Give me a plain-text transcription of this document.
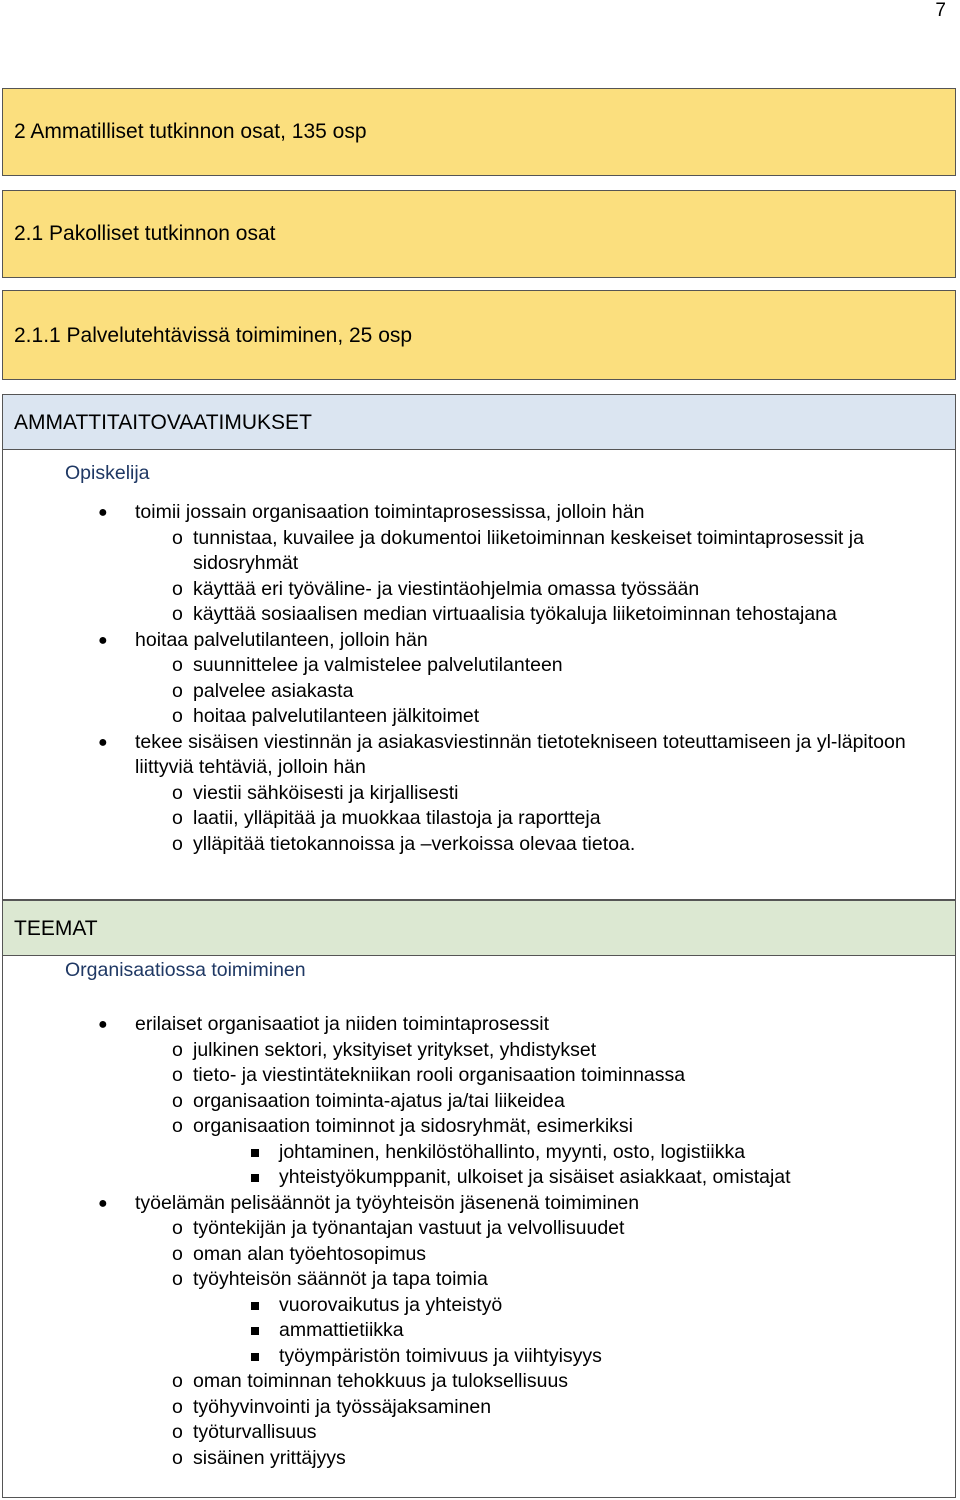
7
2 Ammatilliset tutkinnon osat, 135 osp
2.1 Pakolliset tutkinnon osat
2.1.1 Palvelutehtävissä toimiminen, 25 osp
AMMATTITAITOVAATIMUKSET
Opiskelija
● toimii jossain organisaation toimintaprosessissa, jolloin hän
o tunnistaa, kuvailee ja dokumentoi liiketoiminnan keskeiset toimintaprosessit ja sidosryhmät
o käyttää eri työväline- ja viestintäohjelmia omassa työssään
o käyttää sosiaalisen median virtuaalisia työkaluja liiketoiminnan tehostajana
● hoitaa palvelutilanteen, jolloin hän
o suunnittelee ja valmistelee palvelutilanteen
o palvelee asiakasta
o hoitaa palvelutilanteen jälkitoimet
● tekee sisäisen viestinnän ja asiakasviestinnän tietotekniseen toteuttamiseen ja yl-läpitoon liittyviä tehtäviä, jolloin hän
o viestii sähköisesti ja kirjallisesti
o laatii, ylläpitää ja muokkaa tilastoja ja raportteja
o ylläpitää tietokannoissa ja –verkoissa olevaa tietoa.
TEEMAT
Organisaatiossa toimiminen
● erilaiset organisaatiot ja niiden toimintaprosessit
o julkinen sektori, yksityiset yritykset, yhdistykset
o tieto- ja viestintätekniikan rooli organisaation toiminnassa
o organisaation toiminta-ajatus ja/tai liikeidea
o organisaation toiminnot ja sidosryhmät, esimerkiksi
johtaminen, henkilöstöhallinto, myynti, osto, logistiikka
yhteistyökumppanit, ulkoiset ja sisäiset asiakkaat, omistajat
● työelämän pelisäännöt ja työyhteisön jäsenenä toimiminen
o työntekijän ja työnantajan vastuut ja velvollisuudet
o oman alan työehtosopimus
o työyhteisön säännöt ja tapa toimia
vuorovaikutus ja yhteistyö
ammattietiikka
työympäristön toimivuus ja viihtyisyys
o oman toiminnan tehokkuus ja tuloksellisuus
o työhyvinvointi ja työssäjaksaminen
o työturvallisuus
o sisäinen yrittäjyys
